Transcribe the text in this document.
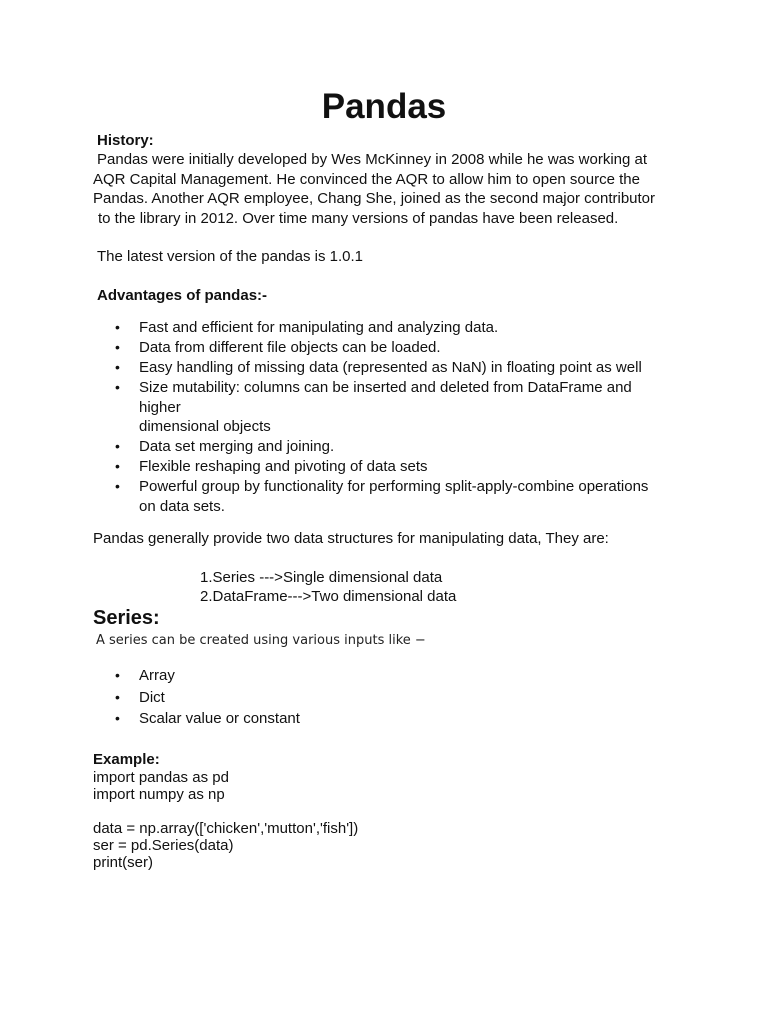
Pandas
History:
Pandas were initially developed by Wes McKinney in 2008 while he was working at
AQR Capital Management. He convinced the AQR to allow him to open source the
Pandas. Another AQR employee, Chang She, joined as the second major contributor
to the library in 2012. Over time many versions of pandas have been released.
The latest version of the pandas is 1.0.1
Advantages of pandas:-
•	Fast and efficient for manipulating and analyzing data.
•	Data from different file objects can be loaded.
•	Easy handling of missing data (represented as NaN) in floating point as well
•	Size mutability: columns can be inserted and deleted from DataFrame and
higher
dimensional objects
•	Data set merging and joining.
•	Flexible reshaping and pivoting of data sets
•	Powerful group by functionality for performing split-apply-combine operations
on data sets.
Pandas generally provide two data structures for manipulating data, They are:
1.Series --->Single dimensional data
2.DataFrame--->Two dimensional data
Series:
A series can be created using various inputs like −
•	Array
•	Dict
•	Scalar value or constant
Example:
import pandas as pd
import numpy as np
data = np.array(['chicken','mutton','fish'])
ser = pd.Series(data)
print(ser)
